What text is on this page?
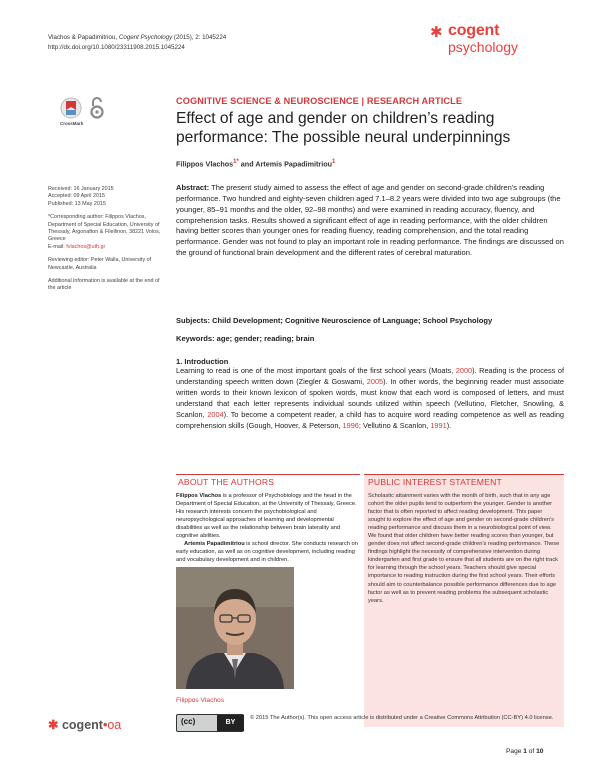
Vlachos & Papadimitriou, Cogent Psychology (2015), 2: 1045224
http://dx.doi.org/10.1080/23311908.2015.1045224
✱ cogent
psychology
CrossMark
COGNITIVE SCIENCE & NEUROSCIENCE | RESEARCH ARTICLE
Effect of age and gender on children’s reading performance: The possible neural underpinnings
Filippos Vlachos$^{1*}$ and Artemis Papadimitriou$^1$

Received: 16 January 2015
Accepted: 09 April 2015
Published: 13 May 2015

*Corresponding author: Filippos Vlachos, Department of Special Education, University of Thessaly, Argonafton & Filellinon, 38221 Volos, Greece
E-mail: fvlachos@uth.gr

Reviewing editor: Peter Walla, University of Newcastle, Australia

Additional information is available at the end of the article

Abstract: The present study aimed to assess the effect of age and gender on second-grade children’s reading performance. Two hundred and eighty-seven children aged 7.1–8.2 years were divided into two age subgroups (the younger, 85–91 months and the older, 92–98 months) and were examined in reading accuracy, fluency, and comprehension tasks. Results showed a significant effect of age in reading performance, with the older children having better scores than younger ones for reading fluency, reading comprehension, and the total reading performance. Gender was not found to play an important role in reading performance. The findings are discussed on the ground of functional brain development and the different rates of cerebral maturation.
Subjects: Child Development; Cognitive Neuroscience of Language; School Psychology
Keywords: age; gender; reading; brain
1. Introduction
Learning to read is one of the most important goals of the first school years (Moats, 2000). Reading is the process of understanding speech written down (Ziegler & Goswami, 2005). In other words, the beginning reader must associate written words to their known lexicon of spoken words, must know that each word is composed of letters, and must understand that each letter represents individual sounds utilized within speech (Vellutino, Fletcher, Snowling, & Scanlon, 2004). To become a competent reader, a child has to acquire word reading competence as well as reading comprehension skills (Gough, Hoover, & Peterson, 1996; Vellutino & Scanlon, 1991).
ABOUT THE AUTHORS

Filippos Vlachos is a professor of Psychobiology and the head in the Department of Special Education, at the University of Thessaly, Greece. His research interests concern the psychobiological and neuropsychological approaches of learning and developmental disabilities as well as the relationship between brain laterality and cognitive abilities.

Artemis Papadimitriou is school director. She conducts research on early education, as well as on cognitive development, including reading and vocabulary development and in children.

Filippos Vlachos
PUBLIC INTEREST STATEMENT
Scholastic attainment varies with the month of birth, such that in any age cohort the older pupils tend to outperform the younger. Gender is another factor that is often reported to affect reading development. This paper sought to explore the effect of age and gender on second-grade children’s reading performance and discuss them in a neurobiological point of view. We found that older children have better reading scores than younger, but gender does not affect second-grade children’s reading performance. These findings highlight the necessity of comprehensive intervention during kindergarten and first grade to ensure that all students are on the right track for learning through the school years. Teachers should give special importance to reading instruction during the first school years. Their efforts should aim to counterbalance possible performance differences due to age factor as well as to prevent reading problems the subsequent scholastic years.
✱ cogent•oa	(cc)	BY
© 2015 The Author(s). This open access article is distributed under a Creative Commons Attribution (CC-BY) 4.0 license.
Page 1 of 10
